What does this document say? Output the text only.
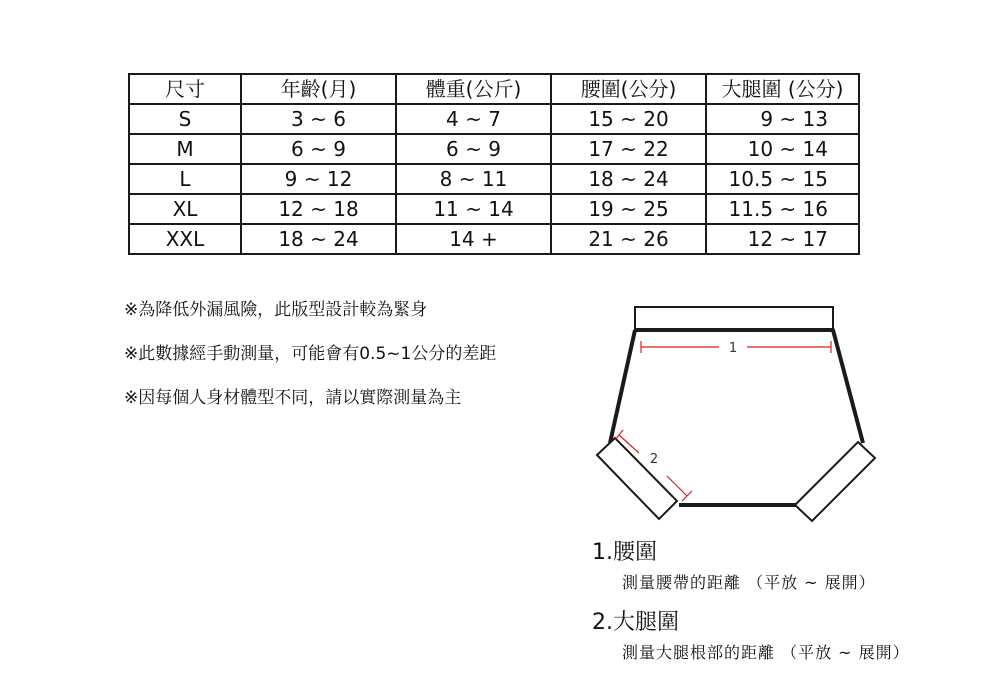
尺寸	年齡(月)	體重(公斤)	腰圍(公分)	大腿圍 (公分)
S	3 ~ 6	4 ~ 7	15 ~ 20	9 ~ 13
M	6 ~ 9	6 ~ 9	17 ~ 22	10 ~ 14
L	9 ~ 12	8 ~ 11	18 ~ 24	10.5 ~ 15
XL	12 ~ 18	11 ~ 14	19 ~ 25	11.5 ~ 16
XXL	18 ~ 24	14 +	21 ~ 26	12 ~ 17
※為降低外漏風險，此版型設計較為緊身
※此數據經手動測量，可能會有0.5~1公分的差距
※因每個人身材體型不同，請以實際測量為主
1
2
1.腰圍
測量腰帶的距離 （平放 ~ 展開）
2.大腿圍
測量大腿根部的距離 （平放 ~ 展開）
